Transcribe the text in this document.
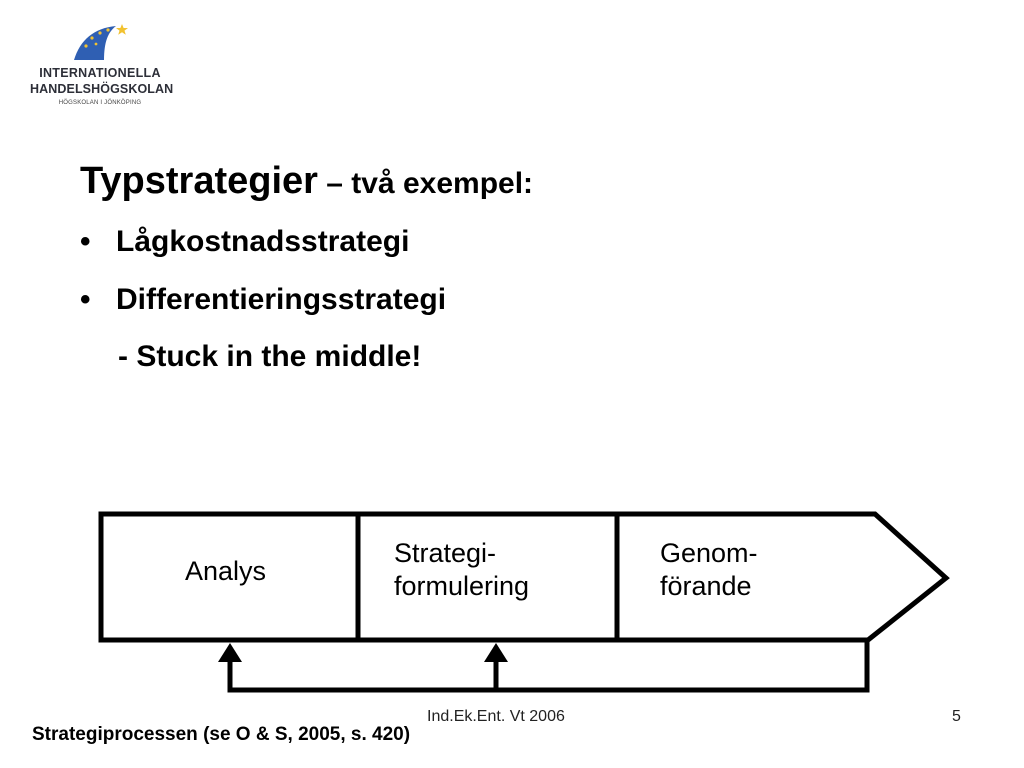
INTERNATIONELLA
HANDELSHÖGSKOLAN
HÖGSKOLAN I JÖNKÖPING
Typstrategier – två exempel:
• Lågkostnadsstrategi
• Differentieringsstrategi
- Stuck in the middle!
Analys
Strategi-
formulering
Genom-
förande
Ind.Ek.Ent. Vt 2006	5
Strategiprocessen (se O & S, 2005, s. 420)
